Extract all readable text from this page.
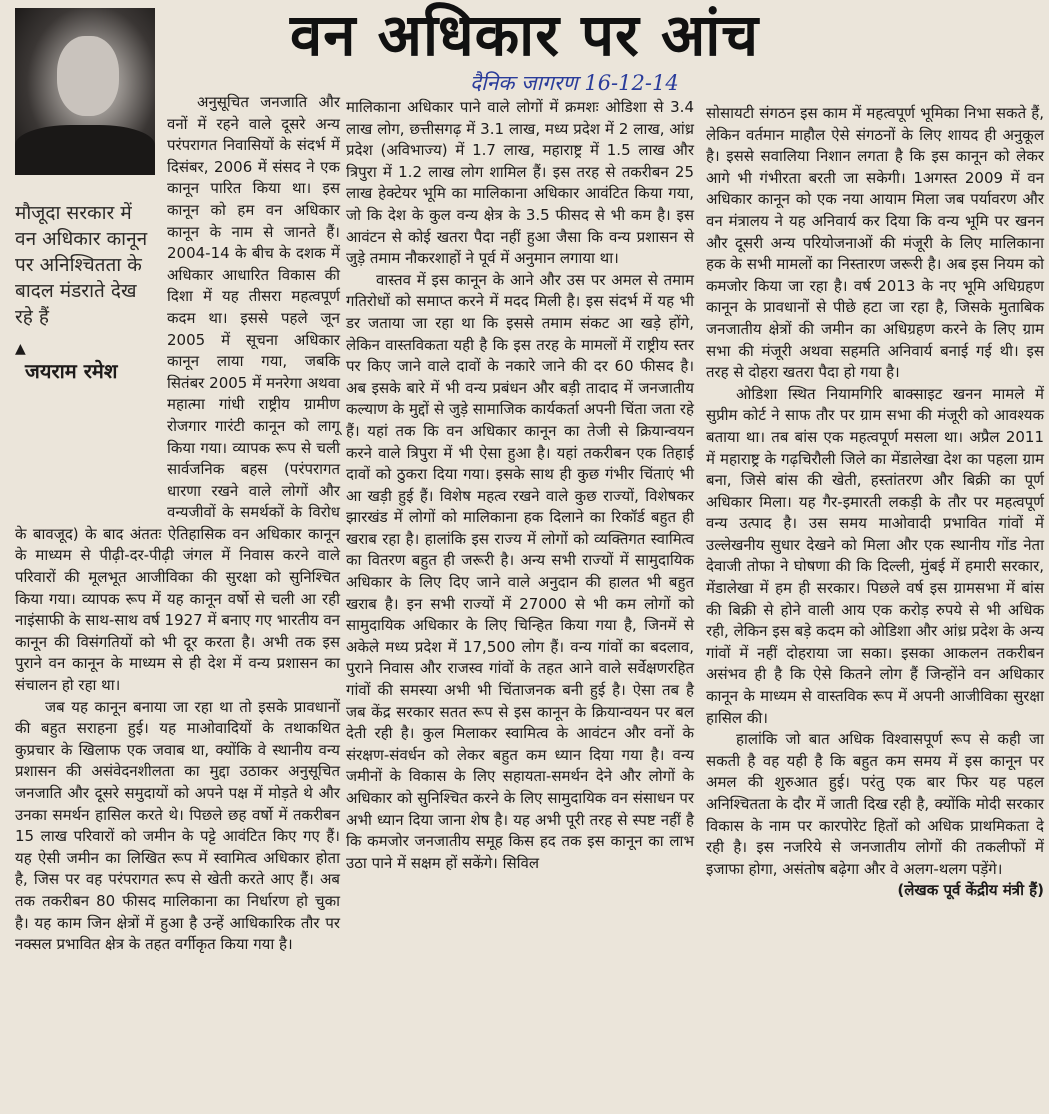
वन अधिकार पर आंच
दैनिक जागरण 16-12-14
मौजूदा सरकार में वन अधिकार कानून पर अनिश्चितता के बादल मंडराते देख रहे हैं
▲
जयराम रमेश

अनुसूचित जनजाति और वनों में रहने वाले दूसरे अन्य परंपरागत निवासियों के संदर्भ में दिसंबर, 2006 में संसद ने एक कानून पारित किया था। इस कानून को हम वन अधिकार कानून के नाम से जानते हैं। 2004-14 के बीच के दशक में अधिकार आधारित विकास की दिशा में यह तीसरा महत्वपूर्ण कदम था। इससे पहले जून 2005 में सूचना अधिकार कानून लाया गया, जबकि सितंबर 2005 में मनरेगा अथवा महात्मा गांधी राष्ट्रीय ग्रामीण रोजगार गारंटी कानून को लागू किया गया। व्यापक रूप से चली सार्वजनिक बहस (परंपरागत धारणा रखने वाले लोगों और वन्यजीवों के समर्थकों के विरोध के बावजूद) के बाद अंततः ऐतिहासिक वन अधिकार कानून के माध्यम से पीढ़ी-दर-पीढ़ी जंगल में निवास करने वाले परिवारों की मूलभूत आजीविका की सुरक्षा को सुनिश्चित किया गया। व्यापक रूप में यह कानून वर्षो से चली आ रही नाइंसाफी के साथ-साथ वर्ष 1927 में बनाए गए भारतीय वन कानून की विसंगतियों को भी दूर करता है। अभी तक इस पुराने वन कानून के माध्यम से ही देश में वन्य प्रशासन का संचालन हो रहा था।

जब यह कानून बनाया जा रहा था तो इसके प्रावधानों की बहुत सराहना हुई। यह माओवादियों के तथाकथित कुप्रचार के खिलाफ एक जवाब था, क्योंकि वे स्थानीय वन्य प्रशासन की असंवेदनशीलता का मुद्दा उठाकर अनुसूचित जनजाति और दूसरे समुदायों को अपने पक्ष में मोड़ते थे और उनका समर्थन हासिल करते थे। पिछले छह वर्षो में तकरीबन 15 लाख परिवारों को जमीन के पट्टे आवंटित किए गए हैं। यह ऐसी जमीन का लिखित रूप में स्वामित्व अधिकार होता है, जिस पर वह परंपरागत रूप से खेती करते आए हैं। अब तक तकरीबन 80 फीसद मालिकाना का निर्धारण हो चुका है। यह काम जिन क्षेत्रों में हुआ है उन्हें आधिकारिक तौर पर नक्सल प्रभावित क्षेत्र के तहत वर्गीकृत किया गया है।

मालिकाना अधिकार पाने वाले लोगों में क्रमशः ओडिशा से 3.4 लाख लोग, छत्तीसगढ़ में 3.1 लाख, मध्य प्रदेश में 2 लाख, आंध्र प्रदेश (अविभाज्य) में 1.7 लाख, महाराष्ट्र में 1.5 लाख और त्रिपुरा में 1.2 लाख लोग शामिल हैं। इस तरह से तकरीबन 25 लाख हेक्टेयर भूमि का मालिकाना अधिकार आवंटित किया गया, जो कि देश के कुल वन्य क्षेत्र के 3.5 फीसद से भी कम है। इस आवंटन से कोई खतरा पैदा नहीं हुआ जैसा कि वन्य प्रशासन से जुड़े तमाम नौकरशाहों ने पूर्व में अनुमान लगाया था।

वास्तव में इस कानून के आने और उस पर अमल से तमाम गतिरोधों को समाप्त करने में मदद मिली है। इस संदर्भ में यह भी डर जताया जा रहा था कि इससे तमाम संकट आ खड़े होंगे, लेकिन वास्तविकता यही है कि इस तरह के मामलों में राष्ट्रीय स्तर पर किए जाने वाले दावों के नकारे जाने की दर 60 फीसद है। अब इसके बारे में भी वन्य प्रबंधन और बड़ी तादाद में जनजातीय कल्याण के मुद्दों से जुड़े सामाजिक कार्यकर्ता अपनी चिंता जता रहे हैं। यहां तक कि वन अधिकार कानून का तेजी से क्रियान्वयन करने वाले त्रिपुरा में भी ऐसा हुआ है। यहां तकरीबन एक तिहाई दावों को ठुकरा दिया गया। इसके साथ ही कुछ गंभीर चिंताएं भी आ खड़ी हुई हैं। विशेष महत्व रखने वाले कुछ राज्यों, विशेषकर झारखंड में लोगों को मालिकाना हक दिलाने का रिकॉर्ड बहुत ही खराब रहा है। हालांकि इस राज्य में लोगों को व्यक्तिगत स्वामित्व का वितरण बहुत ही जरूरी है। अन्य सभी राज्यों में सामुदायिक अधिकार के लिए दिए जाने वाले अनुदान की हालत भी बहुत खराब है। इन सभी राज्यों में 27000 से भी कम लोगों को सामुदायिक अधिकार के लिए चिन्हित किया गया है, जिनमें से अकेले मध्य प्रदेश में 17,500 लोग हैं। वन्य गांवों का बदलाव, पुराने निवास और राजस्व गांवों के तहत आने वाले सर्वेक्षणरहित गांवों की समस्या अभी भी चिंताजनक बनी हुई है। ऐसा तब है जब केंद्र सरकार सतत रूप से इस कानून के क्रियान्वयन पर बल देती रही है। कुल मिलाकर स्वामित्व के आवंटन और वनों के संरक्षण-संवर्धन को लेकर बहुत कम ध्यान दिया गया है। वन्य जमीनों के विकास के लिए सहायता-समर्थन देने और लोगों के अधिकार को सुनिश्चित करने के लिए सामुदायिक वन संसाधन पर अभी ध्यान दिया जाना शेष है। यह अभी पूरी तरह से स्पष्ट नहीं है कि कमजोर जनजातीय समूह किस हद तक इस कानून का लाभ उठा पाने में सक्षम हों सकेंगे। सिविल

सोसायटी संगठन इस काम में महत्वपूर्ण भूमिका निभा सकते हैं, लेकिन वर्तमान माहौल ऐसे संगठनों के लिए शायद ही अनुकूल है। इससे सवालिया निशान लगता है कि इस कानून को लेकर आगे भी गंभीरता बरती जा सकेगी। 1अगस्त 2009 में वन अधिकार कानून को एक नया आयाम मिला जब पर्यावरण और वन मंत्रालय ने यह अनिवार्य कर दिया कि वन्य भूमि पर खनन और दूसरी अन्य परियोजनाओं की मंजूरी के लिए मालिकाना हक के सभी मामलों का निस्तारण जरूरी है। अब इस नियम को कमजोर किया जा रहा है। वर्ष 2013 के नए भूमि अधिग्रहण कानून के प्रावधानों से पीछे हटा जा रहा है, जिसके मुताबिक जनजातीय क्षेत्रों की जमीन का अधिग्रहण करने के लिए ग्राम सभा की मंजूरी अथवा सहमति अनिवार्य बनाई गई थी। इस तरह से दोहरा खतरा पैदा हो गया है।

ओडिशा स्थित नियामगिरि बाक्साइट खनन मामले में सुप्रीम कोर्ट ने साफ तौर पर ग्राम सभा की मंजूरी को आवश्यक बताया था। तब बांस एक महत्वपूर्ण मसला था। अप्रैल 2011 में महाराष्ट्र के गढ़चिरौली जिले का मेंडालेखा देश का पहला ग्राम बना, जिसे बांस की खेती, हस्तांतरण और बिक्री का पूर्ण अधिकार मिला। यह गैर-इमारती लकड़ी के तौर पर महत्वपूर्ण वन्य उत्पाद है। उस समय माओवादी प्रभावित गांवों में उल्लेखनीय सुधार देखने को मिला और एक स्थानीय गोंड नेता देवाजी तोफा ने घोषणा की कि दिल्ली, मुंबई में हमारी सरकार, मेंडालेखा में हम ही सरकार। पिछले वर्ष इस ग्रामसभा में बांस की बिक्री से होने वाली आय एक करोड़ रुपये से भी अधिक रही, लेकिन इस बड़े कदम को ओडिशा और आंध्र प्रदेश के अन्य गांवों में नहीं दोहराया जा सका। इसका आकलन तकरीबन असंभव ही है कि ऐसे कितने लोग हैं जिन्होंने वन अधिकार कानून के माध्यम से वास्तविक रूप में अपनी आजीविका सुरक्षा हासिल की।

हालांकि जो बात अधिक विश्वासपूर्ण रूप से कही जा सकती है वह यही है कि बहुत कम समय में इस कानून पर अमल की शुरुआत हुई। परंतु एक बार फिर यह पहल अनिश्चितता के दौर में जाती दिख रही है, क्योंकि मोदी सरकार विकास के नाम पर कारपोरेट हितों को अधिक प्राथमिकता दे रही है। इस नजरिये से जनजातीय लोगों की तकलीफों में इजाफा होगा, असंतोष बढ़ेगा और वे अलग-थलग पड़ेंगे।

(लेखक पूर्व केंद्रीय मंत्री हैं)
